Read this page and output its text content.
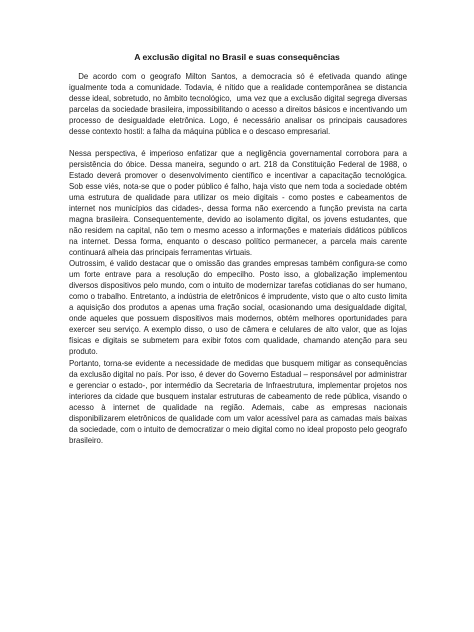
A exclusão digital no Brasil e suas consequências

De acordo com o geografo Milton Santos, a democracia só é efetivada quando atinge igualmente toda a comunidade. Todavia, é nítido que a realidade contemporânea se distancia desse ideal, sobretudo, no âmbito tecnológico,  uma vez que a exclusão digital segrega diversas parcelas da sociedade brasileira, impossibilitando o acesso a direitos básicos e incentivando um processo de desigualdade eletrônica. Logo, é necessário analisar os principais causadores desse contexto hostil: a falha da máquina pública e o descaso empresarial.

Nessa perspectiva, é imperioso enfatizar que a negligência governamental corrobora para a persistência do óbice. Dessa maneira, segundo o art. 218 da Constituição Federal de 1988, o Estado deverá promover o desenvolvimento científico e incentivar a capacitação tecnológica. Sob esse viés, nota-se que o poder público é falho, haja visto que nem toda a sociedade obtém uma estrutura de qualidade para utilizar os meio digitais - como postes e cabeamentos de internet nos municípios das cidades-, dessa forma não exercendo a função prevista na carta magna brasileira. Consequentemente, devido ao isolamento digital, os jovens estudantes, que não residem na capital, não tem o mesmo acesso a informações e materiais didáticos públicos na internet. Dessa forma, enquanto o descaso político permanecer, a parcela mais carente continuará alheia das principais ferramentas virtuais.

Outrossim, é valido destacar que o omissão das grandes empresas também configura-se como um forte entrave para a resolução do empecilho. Posto isso, a globalização implementou diversos dispositivos pelo mundo, com o intuito de modernizar tarefas cotidianas do ser humano, como o trabalho. Entretanto, a indústria de eletrônicos é imprudente, visto que o alto custo limita a aquisição dos produtos a apenas uma fração social, ocasionando uma desigualdade digital, onde aqueles que possuem dispositivos mais modernos, obtém melhores oportunidades para exercer seu serviço. A exemplo disso, o uso de câmera e celulares de alto valor, que as lojas físicas e digitais se submetem para exibir fotos com qualidade, chamando atenção para seu produto.

Portanto, torna-se evidente a necessidade de medidas que busquem mitigar as consequências da exclusão digital no país. Por isso, é dever do Governo Estadual – responsável por administrar e gerenciar o estado-, por intermédio da Secretaria de Infraestrutura, implementar projetos nos interiores da cidade que busquem instalar estruturas de cabeamento de rede pública, visando o acesso à internet de qualidade na região. Ademais, cabe as empresas nacionais disponibilizarem eletrônicos de qualidade com um valor acessível para as camadas mais baixas da sociedade, com o intuito de democratizar o meio digital como no ideal proposto pelo geografo brasileiro.
